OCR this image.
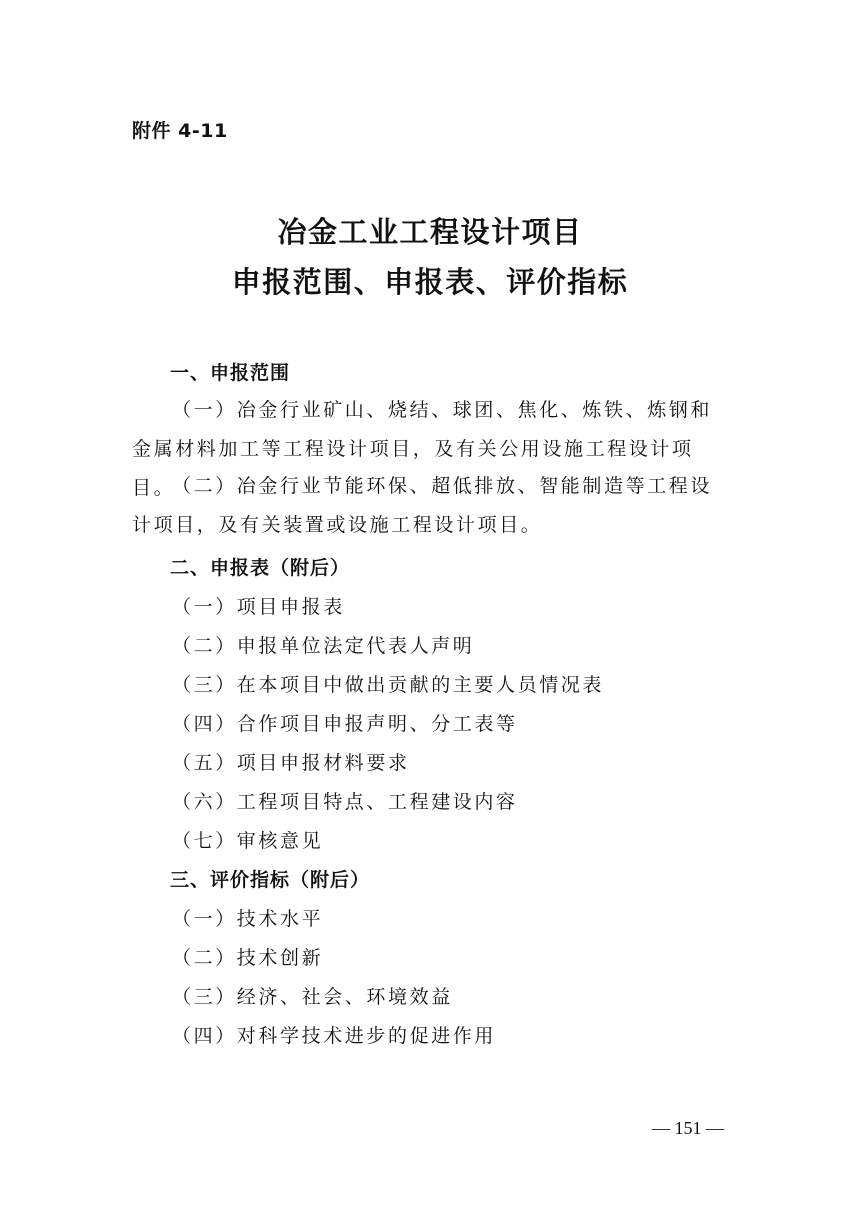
附件 4-11
冶金工业工程设计项目
申报范围、申报表、评价指标
一、申报范围
（一）冶金行业矿山、烧结、球团、焦化、炼铁、炼钢和金属材料加工等工程设计项目，及有关公用设施工程设计项目。
（二）冶金行业节能环保、超低排放、智能制造等工程设计项目，及有关装置或设施工程设计项目。
二、申报表（附后）
（一）项目申报表
（二）申报单位法定代表人声明
（三）在本项目中做出贡献的主要人员情况表
（四）合作项目申报声明、分工表等
（五）项目申报材料要求
（六）工程项目特点、工程建设内容
（七）审核意见
三、评价指标（附后）
（一）技术水平
（二）技术创新
（三）经济、社会、环境效益
（四）对科学技术进步的促进作用
— 151 —
